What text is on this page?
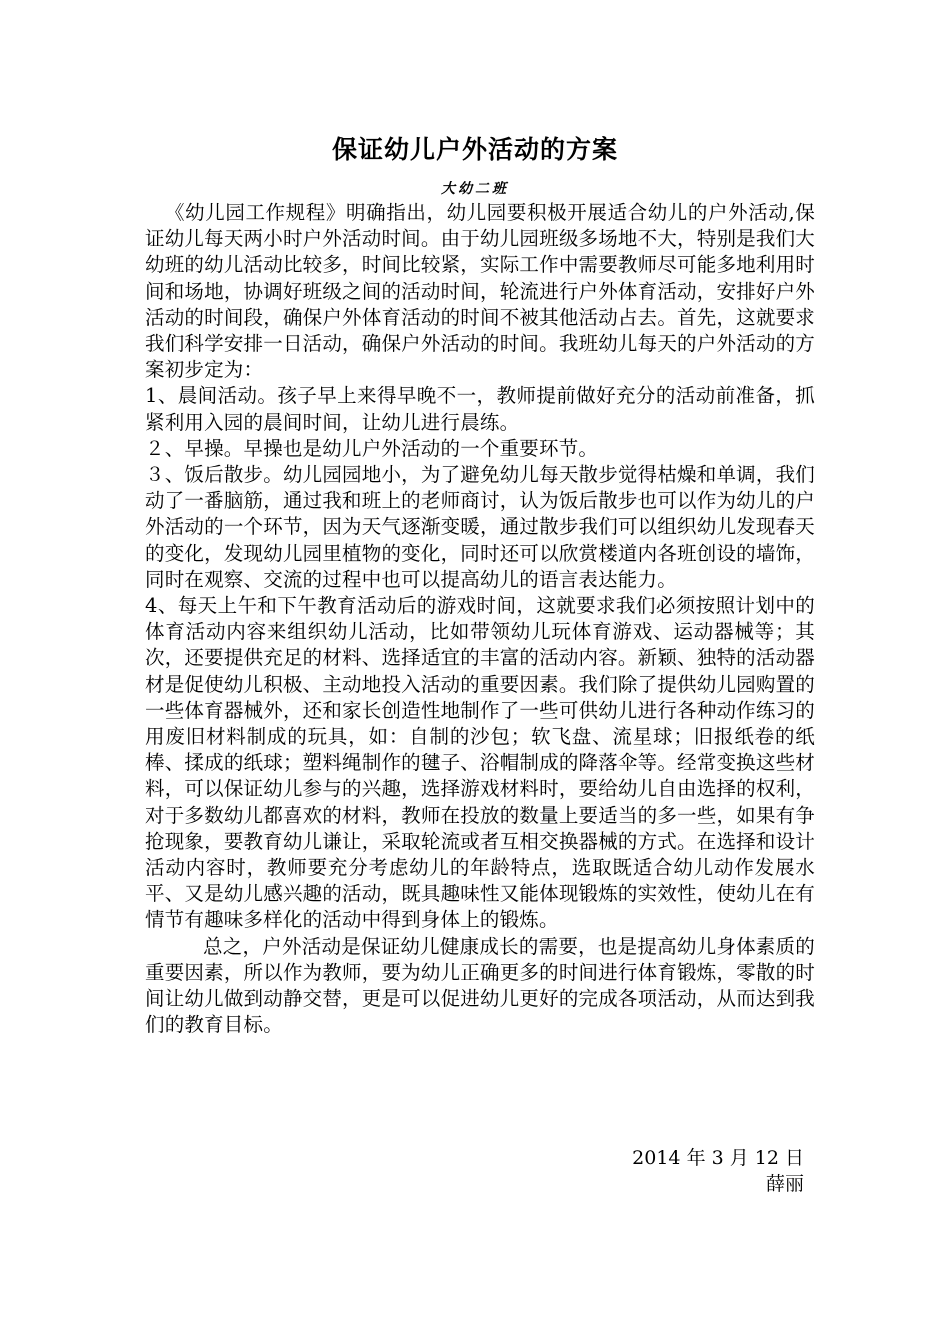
保证幼儿户外活动的方案
大幼二班

《幼儿园工作规程》明确指出，幼儿园要积极开展适合幼儿的户外活动,保证幼儿每天两小时户外活动时间。由于幼儿园班级多场地不大，特别是我们大幼班的幼儿活动比较多，时间比较紧，实际工作中需要教师尽可能多地利用时间和场地，协调好班级之间的活动时间，轮流进行户外体育活动，安排好户外活动的时间段，确保户外体育活动的时间不被其他活动占去。首先，这就要求我们科学安排一日活动，确保户外活动的时间。我班幼儿每天的户外活动的方案初步定为：

1、晨间活动。孩子早上来得早晚不一，教师提前做好充分的活动前准备，抓紧利用入园的晨间时间，让幼儿进行晨练。

２、早操。早操也是幼儿户外活动的一个重要环节。

３、饭后散步。幼儿园园地小，为了避免幼儿每天散步觉得枯燥和单调，我们动了一番脑筋，通过我和班上的老师商讨，认为饭后散步也可以作为幼儿的户外活动的一个环节，因为天气逐渐变暖，通过散步我们可以组织幼儿发现春天的变化，发现幼儿园里植物的变化，同时还可以欣赏楼道内各班创设的墙饰，同时在观察、交流的过程中也可以提高幼儿的语言表达能力。

4、每天上午和下午教育活动后的游戏时间，这就要求我们必须按照计划中的体育活动内容来组织幼儿活动，比如带领幼儿玩体育游戏、运动器械等；其次，还要提供充足的材料、选择适宜的丰富的活动内容。新颖、独特的活动器材是促使幼儿积极、主动地投入活动的重要因素。我们除了提供幼儿园购置的一些体育器械外，还和家长创造性地制作了一些可供幼儿进行各种动作练习的用废旧材料制成的玩具，如：自制的沙包；软飞盘、流星球；旧报纸卷的纸棒、揉成的纸球；塑料绳制作的毽子、浴帽制成的降落伞等。经常变换这些材料，可以保证幼儿参与的兴趣，选择游戏材料时，要给幼儿自由选择的权利，对于多数幼儿都喜欢的材料，教师在投放的数量上要适当的多一些，如果有争抢现象，要教育幼儿谦让，采取轮流或者互相交换器械的方式。在选择和设计活动内容时，教师要充分考虑幼儿的年龄特点，选取既适合幼儿动作发展水平、又是幼儿感兴趣的活动，既具趣味性又能体现锻炼的实效性，使幼儿在有情节有趣味多样化的活动中得到身体上的锻炼。

总之，户外活动是保证幼儿健康成长的需要，也是提高幼儿身体素质的重要因素，所以作为教师，要为幼儿正确更多的时间进行体育锻炼，零散的时间让幼儿做到动静交替，更是可以促进幼儿更好的完成各项活动，从而达到我们的教育目标。

2014 年 3 月 12 日
薛丽
